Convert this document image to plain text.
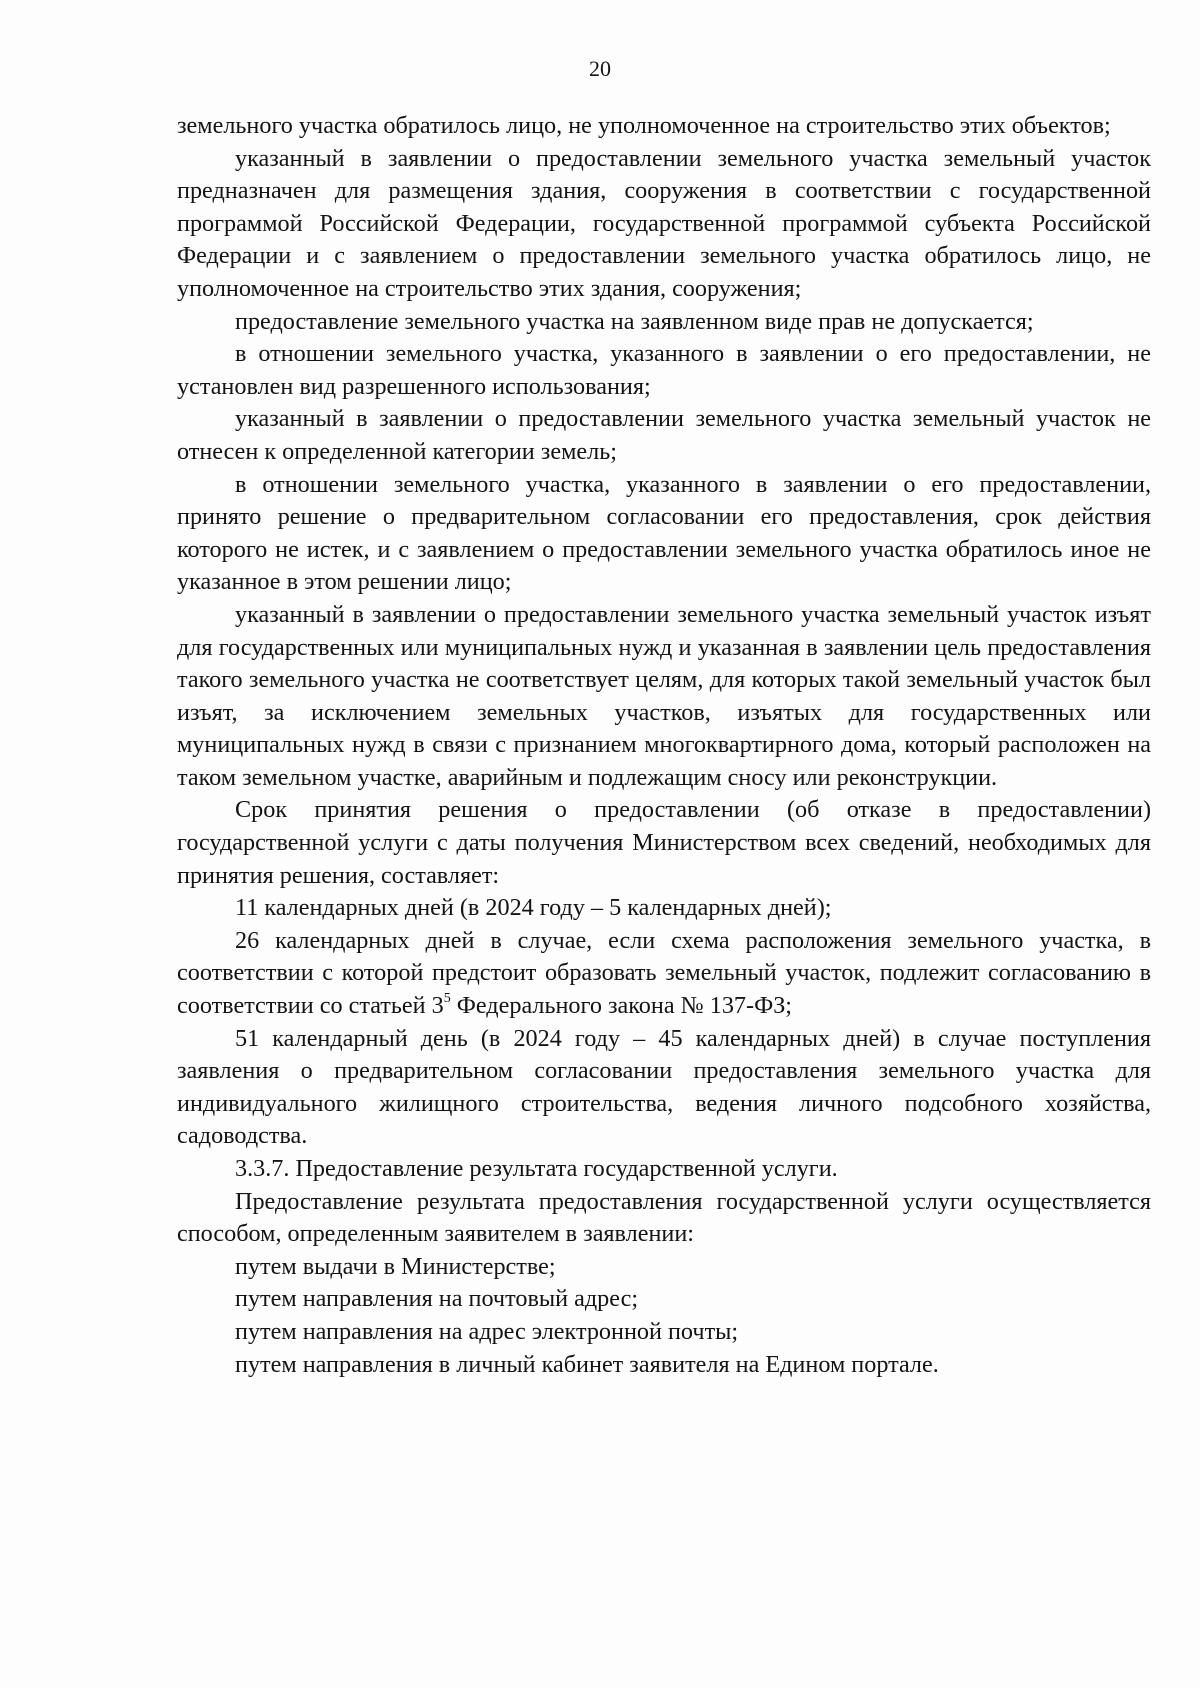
20

земельного участка обратилось лицо, не уполномоченное на строительство этих объектов;

указанный в заявлении о предоставлении земельного участка земельный участок предназначен для размещения здания, сооружения в соответствии с государственной программой Российской Федерации, государственной программой субъекта Российской Федерации и с заявлением о предоставлении земельного участка обратилось лицо, не уполномоченное на строительство этих здания, сооружения;

предоставление земельного участка на заявленном виде прав не допускается;

в отношении земельного участка, указанного в заявлении о его предоставлении, не установлен вид разрешенного использования;

указанный в заявлении о предоставлении земельного участка земельный участок не отнесен к определенной категории земель;

в отношении земельного участка, указанного в заявлении о его предоставлении, принято решение о предварительном согласовании его предоставления, срок действия которого не истек, и с заявлением о предоставлении земельного участка обратилось иное не указанное в этом решении лицо;

указанный в заявлении о предоставлении земельного участка земельный участок изъят для государственных или муниципальных нужд и указанная в заявлении цель предоставления такого земельного участка не соответствует целям, для которых такой земельный участок был изъят, за исключением земельных участков, изъятых для государственных или муниципальных нужд в связи с признанием многоквартирного дома, который расположен на таком земельном участке, аварийным и подлежащим сносу или реконструкции.

Срок принятия решения о предоставлении (об отказе в предоставлении) государственной услуги с даты получения Министерством всех сведений, необходимых для принятия решения, составляет:

11 календарных дней (в 2024 году – 5 календарных дней);

26 календарных дней в случае, если схема расположения земельного участка, в соответствии с которой предстоит образовать земельный участок, подлежит согласованию в соответствии со статьей $3^5$ Федерального закона № 137-ФЗ;

51 календарный день (в 2024 году – 45 календарных дней) в случае поступления заявления о предварительном согласовании предоставления земельного участка для индивидуального жилищного строительства, ведения личного подсобного хозяйства, садоводства.

3.3.7. Предоставление результата государственной услуги.

Предоставление результата предоставления государственной услуги осуществляется способом, определенным заявителем в заявлении:

путем выдачи в Министерстве;

путем направления на почтовый адрес;

путем направления на адрес электронной почты;

путем направления в личный кабинет заявителя на Едином портале.
